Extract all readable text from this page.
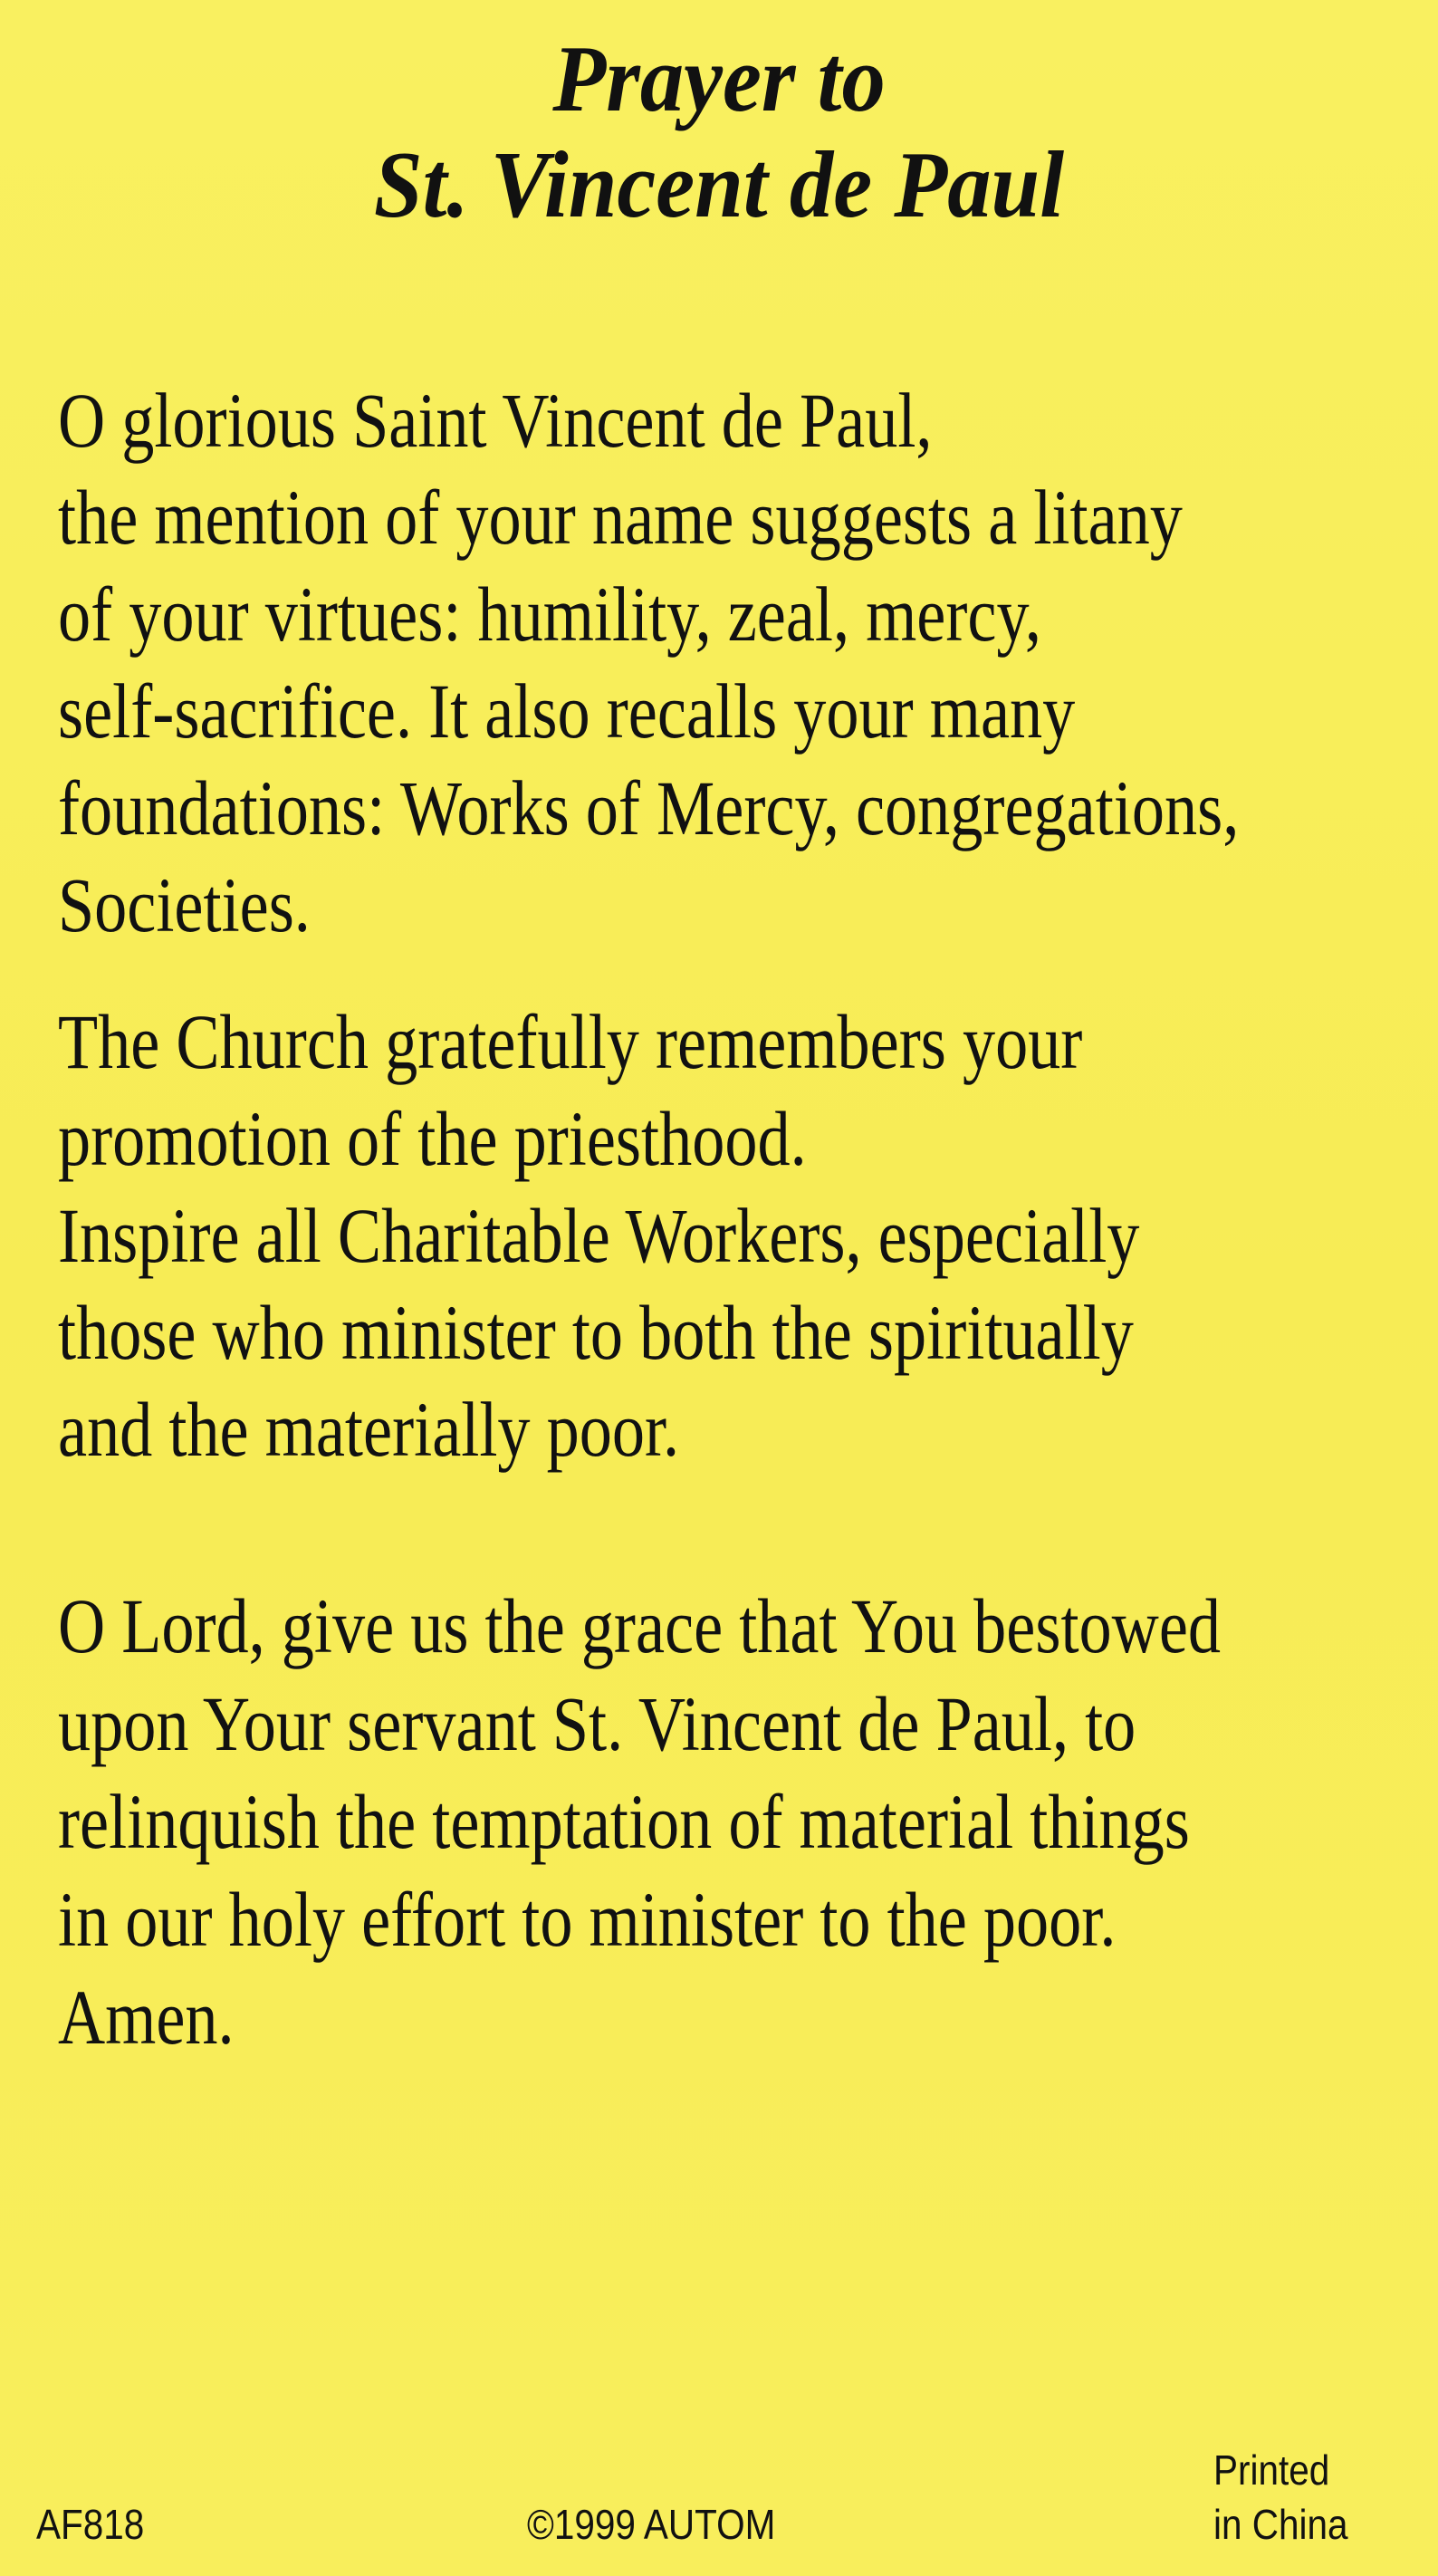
Prayer to
St. Vincent de Paul
O glorious Saint Vincent de Paul,
the mention of your name suggests a litany
of your virtues: humility, zeal, mercy,
self-sacrifice. It also recalls your many
foundations: Works of Mercy, congregations,
Societies.
The Church gratefully remembers your
promotion of the priesthood.
Inspire all Charitable Workers, especially
those who minister to both the spiritually
and the materially poor.
O Lord, give us the grace that You bestowed
upon Your servant St. Vincent de Paul, to
relinquish the temptation of material things
in our holy effort to minister to the poor.
Amen.
AF818	©1999 AUTOM
Printed
in China
